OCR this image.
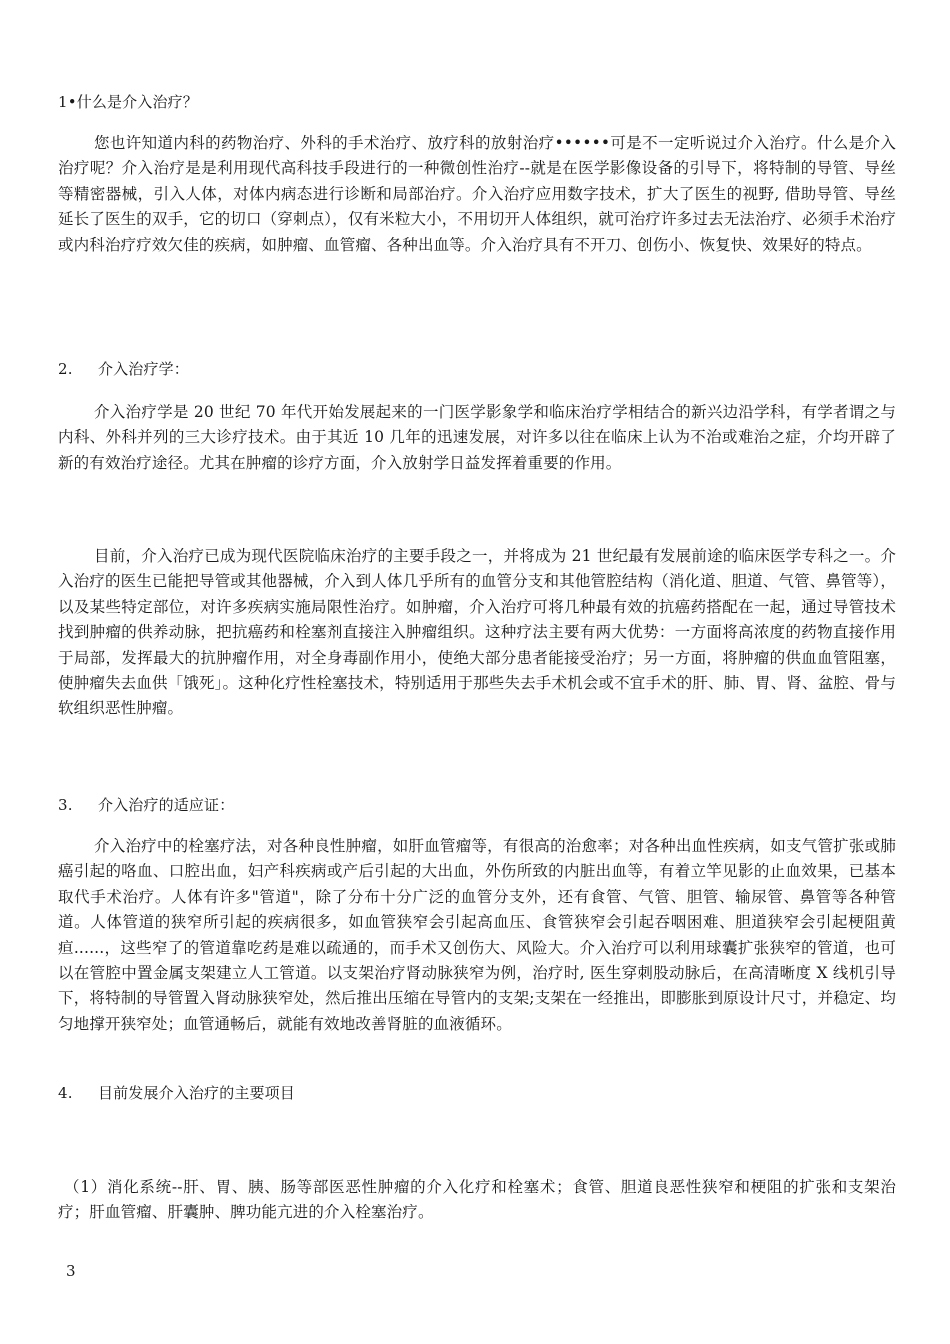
1•什么是介入治疗？
您也许知道内科的药物治疗、外科的手术治疗、放疗科的放射治疗••••••可是不一定听说过介入治疗。什么是介入治疗呢？介入治疗是是利用现代高科技手段进行的一种微创性治疗--就是在医学影像设备的引导下，将特制的导管、导丝等精密器械，引入人体，对体内病态进行诊断和局部治疗。介入治疗应用数字技术，扩大了医生的视野, 借助导管、导丝延长了医生的双手，它的切口（穿刺点），仅有米粒大小，不用切开人体组织，就可治疗许多过去无法治疗、必须手术治疗或内科治疗疗效欠佳的疾病，如肿瘤、血管瘤、各种出血等。介入治疗具有不开刀、创伤小、恢复快、效果好的特点。
2. 介入治疗学：
介入治疗学是 20 世纪 70 年代开始发展起来的一门医学影象学和临床治疗学相结合的新兴边沿学科，有学者谓之与内科、外科并列的三大诊疗技术。由于其近 10 几年的迅速发展，对许多以往在临床上认为不治或难治之症，介均开辟了新的有效治疗途径。尤其在肿瘤的诊疗方面，介入放射学日益发挥着重要的作用。
目前，介入治疗已成为现代医院临床治疗的主要手段之一，并将成为 21 世纪最有发展前途的临床医学专科之一。介入治疗的医生已能把导管或其他器械，介入到人体几乎所有的血管分支和其他管腔结构（消化道、胆道、气管、鼻管等），以及某些特定部位，对许多疾病实施局限性治疗。如肿瘤，介入治疗可将几种最有效的抗癌药搭配在一起，通过导管技术找到肿瘤的供养动脉，把抗癌药和栓塞剂直接注入肿瘤组织。这种疗法主要有两大优势：一方面将高浓度的药物直接作用于局部，发挥最大的抗肿瘤作用，对全身毒副作用小，使绝大部分患者能接受治疗；另一方面，将肿瘤的供血血管阻塞，使肿瘤失去血供「饿死」。这种化疗性栓塞技术，特别适用于那些失去手术机会或不宜手术的肝、肺、胃、肾、盆腔、骨与软组织恶性肿瘤。
3. 介入治疗的适应证：
介入治疗中的栓塞疗法，对各种良性肿瘤，如肝血管瘤等，有很高的治愈率；对各种出血性疾病，如支气管扩张或肺癌引起的咯血、口腔出血，妇产科疾病或产后引起的大出血，外伤所致的内脏出血等，有着立竿见影的止血效果，已基本取代手术治疗。人体有许多"管道"，除了分布十分广泛的血管分支外，还有食管、气管、胆管、输尿管、鼻管等各种管道。人体管道的狭窄所引起的疾病很多，如血管狭窄会引起高血压、食管狭窄会引起吞咽困难、胆道狭窄会引起梗阻黄疸......，这些窄了的管道靠吃药是难以疏通的，而手术又创伤大、风险大。介入治疗可以利用球囊扩张狭窄的管道，也可以在管腔中置金属支架建立人工管道。以支架治疗肾动脉狭窄为例，治疗时, 医生穿刺股动脉后，在高清晰度 X 线机引导下，将特制的导管置入肾动脉狭窄处，然后推出压缩在导管内的支架;支架在一经推出，即膨胀到原设计尺寸，并稳定、均匀地撑开狭窄处；血管通畅后，就能有效地改善肾脏的血液循环。
4. 目前发展介入治疗的主要项目
（1）消化系统--肝、胃、胰、肠等部医恶性肿瘤的介入化疗和栓塞术；食管、胆道良恶性狭窄和梗阻的扩张和支架治疗；肝血管瘤、肝囊肿、脾功能亢进的介入栓塞治疗。
3
